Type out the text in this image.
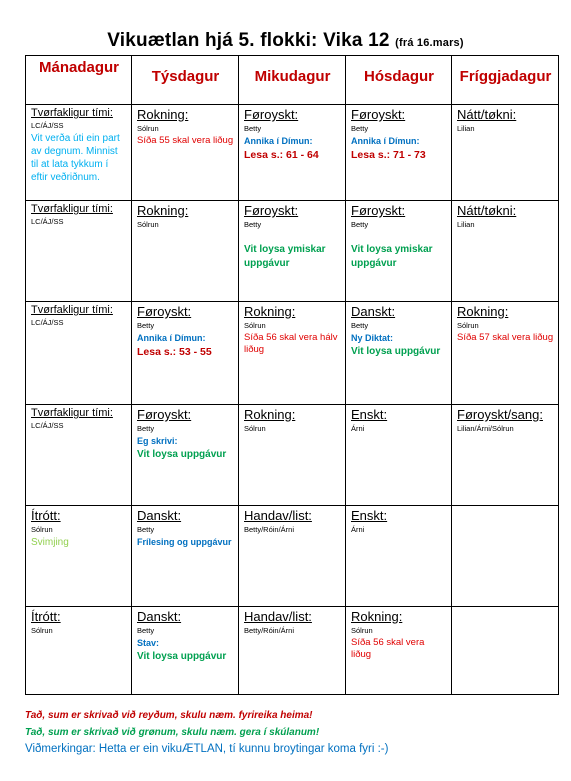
Vikuætlan hjá 5. flokki: Vika 12 (frá 16.mars)
Mánadagur	Týsdagur	Mikudagur	Hósdagur	Fríggjadagur

Tvørfakligur tími:
LC/ÁJ/SS
Vit verða úti ein part av degnum. Minnist til at lata tykkum í eftir veðriðnum.	Rokning:
Sólrun
Síða 55 skal vera liðug	Føroyskt:
Betty
Annika í Dímun:
Lesa s.: 61 - 64	Føroyskt:
Betty
Annika í Dímun:
Lesa s.: 71 - 73	Nátt/tøkni:
Lilian

Tvørfakligur tími:
LC/ÁJ/SS	Rokning:
Sólrun	Føroyskt:
Betty
Vit loysa ymiskar uppgávur	Føroyskt:
Betty
Vit loysa ymiskar uppgávur	Nátt/tøkni:
Lilian

Tvørfakligur tími:
LC/ÁJ/SS	Føroyskt:
Betty
Annika í Dímun:
Lesa s.: 53 - 55	Rokning:
Sólrun
Síða 56 skal vera hálv liðug	Danskt:
Betty
Ny Diktat:
Vit loysa uppgávur	Rokning:
Sólrun
Síða 57 skal vera liðug

Tvørfakligur tími:
LC/ÁJ/SS	Føroyskt:
Betty
Eg skrivi:
Vit loysa uppgávur	Rokning:
Sólrun	Enskt:
Árni	Føroyskt/sang:
Lilian/Árni/Sólrun

Ítrótt:
Sólrun
Svimjing	Danskt:
Betty
Frílesing og uppgávur	Handav/list:
Betty/Róin/Árni	Enskt:
Árni	

Ítrótt:
Sólrun	Danskt:
Betty
Stav:
Vit loysa uppgávur	Handav/list:
Betty/Róin/Árni	Rokning:
Sólrun
Síða 56 skal vera liðug	

Tað, sum er skrivað við reyðum, skulu næm. fyrireika heima!
Tað, sum er skrivað við grønum, skulu næm. gera í skúlanum!
Viðmerkingar: Hetta er ein vikuÆTLAN, tí kunnu broytingar koma fyri :-)
